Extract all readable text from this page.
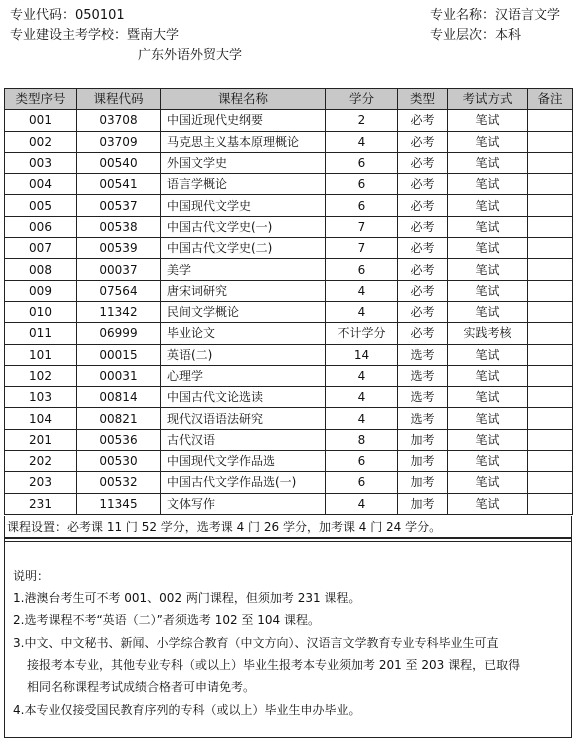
专业代码：050101	专业名称：汉语言文学
专业建设主考学校：暨南大学	专业层次：本科
广东外语外贸大学
类型序号	课程代码	课程名称	学分	类型	考试方式	备注
001	03708	中国近现代史纲要	2	必考	笔试	
002	03709	马克思主义基本原理概论	4	必考	笔试	
003	00540	外国文学史	6	必考	笔试	
004	00541	语言学概论	6	必考	笔试	
005	00537	中国现代文学史	6	必考	笔试	
006	00538	中国古代文学史(一)	7	必考	笔试	
007	00539	中国古代文学史(二)	7	必考	笔试	
008	00037	美学	6	必考	笔试	
009	07564	唐宋词研究	4	必考	笔试	
010	11342	民间文学概论	4	必考	笔试	
011	06999	毕业论文	不计学分	必考	实践考核	
101	00015	英语(二)	14	选考	笔试	
102	00031	心理学	4	选考	笔试	
103	00814	中国古代文论选读	4	选考	笔试	
104	00821	现代汉语语法研究	4	选考	笔试	
201	00536	古代汉语	8	加考	笔试	
202	00530	中国现代文学作品选	6	加考	笔试	
203	00532	中国古代文学作品选(一)	6	加考	笔试	
231	11345	文体写作	4	加考	笔试	
课程设置：必考课 11 门 52 学分，选考课 4 门 26 学分，加考课 4 门 24 学分。
说明：
1.港澳台考生可不考 001、002 两门课程，但须加考 231 课程。
2.选考课程不考“英语（二）”者须选考 102 至 104 课程。
3.中文、中文秘书、新闻、小学综合教育（中文方向）、汉语言文学教育专业专科毕业生可直
接报考本专业，其他专业专科（或以上）毕业生报考本专业须加考 201 至 203 课程，已取得
相同名称课程考试成绩合格者可申请免考。
4.本专业仅接受国民教育序列的专科（或以上）毕业生申办毕业。
